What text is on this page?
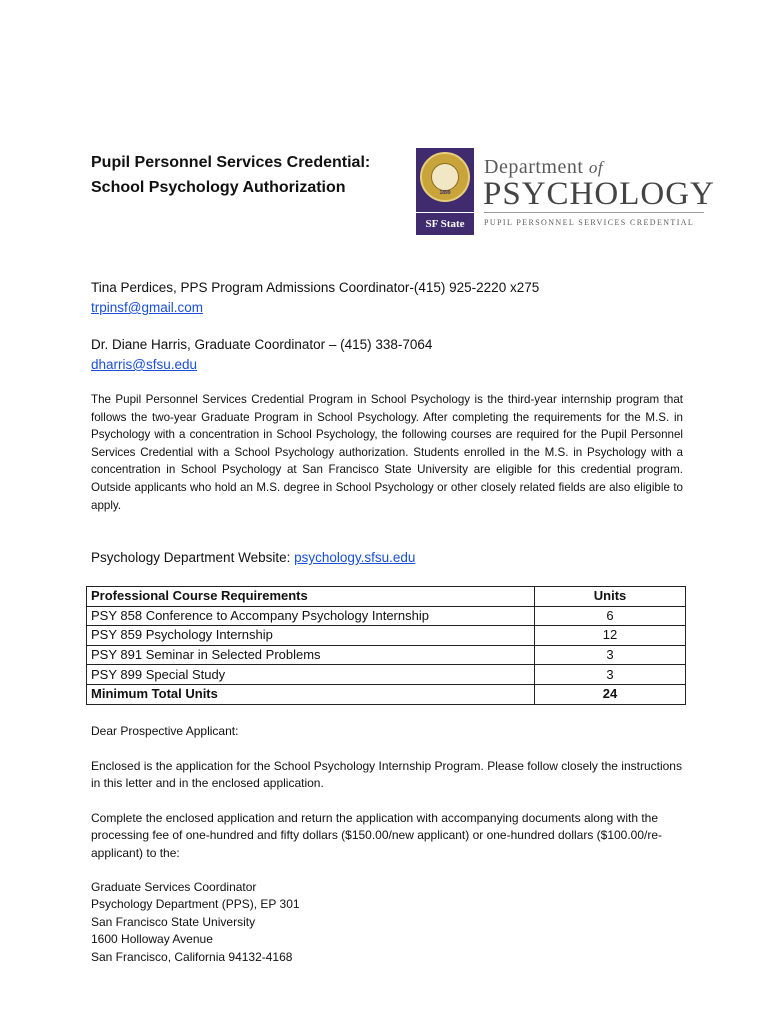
Pupil Personnel Services Credential:
School Psychology Authorization	1899
SF State
Department of
PSYCHOLOGY
PUPIL PERSONNEL SERVICES CREDENTIAL
Tina Perdices, PPS Program Admissions Coordinator-(415) 925-2220 x275
trpinsf@gmail.com
Dr. Diane Harris, Graduate Coordinator – (415) 338-7064
dharris@sfsu.edu
The Pupil Personnel Services Credential Program in School Psychology is the third-year internship program that follows the two-year Graduate Program in School Psychology. After completing the requirements for the M.S. in Psychology with a concentration in School Psychology, the following courses are required for the Pupil Personnel Services Credential with a School Psychology authorization. Students enrolled in the M.S. in Psychology with a concentration in School Psychology at San Francisco State University are eligible for this credential program. Outside applicants who hold an M.S. degree in School Psychology or other closely related fields are also eligible to apply.
Psychology Department Website: psychology.sfsu.edu
Professional Course Requirements	Units
PSY 858 Conference to Accompany Psychology Internship	6
PSY 859 Psychology Internship	12
PSY 891 Seminar in Selected Problems	3
PSY 899 Special Study	3
Minimum Total Units	24
Dear Prospective Applicant:
Enclosed is the application for the School Psychology Internship Program. Please follow closely the instructions in this letter and in the enclosed application.
Complete the enclosed application and return the application with accompanying documents along with the processing fee of one-hundred and fifty dollars ($150.00/new applicant) or one-hundred dollars ($100.00/re-applicant) to the:
Graduate Services Coordinator
Psychology Department (PPS), EP 301
San Francisco State University
1600 Holloway Avenue
San Francisco, California 94132-4168
